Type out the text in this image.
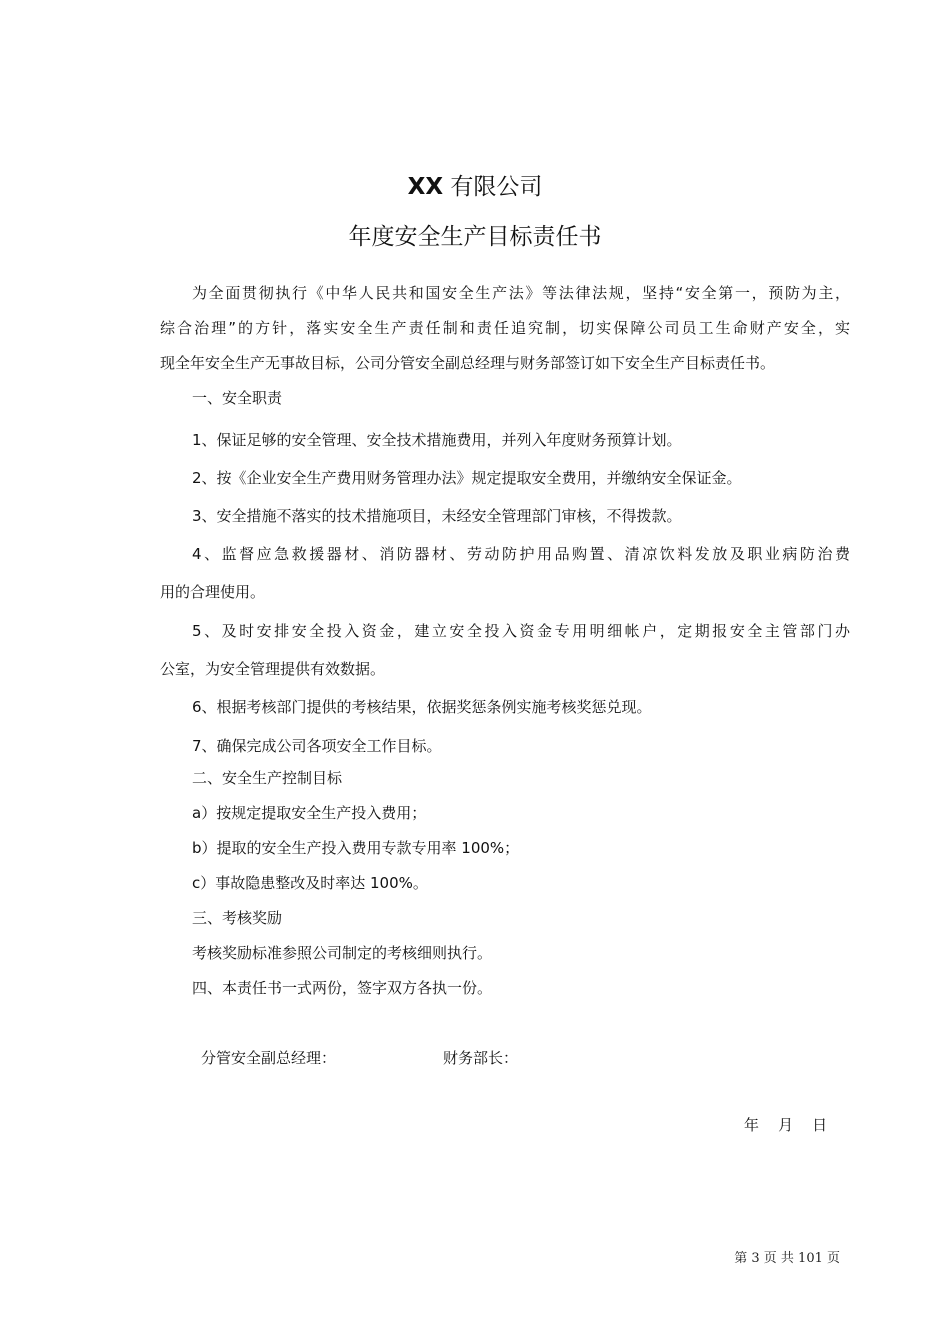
XX 有限公司
年度安全生产目标责任书
为全面贯彻执行《中华人民共和国安全生产法》等法律法规，坚持“安全第一，预防为主，
综合治理”的方针，落实安全生产责任制和责任追究制，切实保障公司员工生命财产安全，实
现全年安全生产无事故目标，公司分管安全副总经理与财务部签订如下安全生产目标责任书。
一、安全职责
1、保证足够的安全管理、安全技术措施费用，并列入年度财务预算计划。
2、按《企业安全生产费用财务管理办法》规定提取安全费用，并缴纳安全保证金。
3、安全措施不落实的技术措施项目，未经安全管理部门审核，不得拨款。
4、监督应急救援器材、消防器材、劳动防护用品购置、清凉饮料发放及职业病防治费
用的合理使用。
5、及时安排安全投入资金，建立安全投入资金专用明细帐户，定期报安全主管部门办
公室，为安全管理提供有效数据。
6、根据考核部门提供的考核结果，依据奖惩条例实施考核奖惩兑现。
7、确保完成公司各项安全工作目标。
二、安全生产控制目标
a）按规定提取安全生产投入费用；
b）提取的安全生产投入费用专款专用率 100%；
c）事故隐患整改及时率达 100%。
三、考核奖励
考核奖励标准参照公司制定的考核细则执行。
四、本责任书一式两份，签字双方各执一份。
分管安全副总经理：	财务部长：
年    月    日
第 3 页 共 101 页
